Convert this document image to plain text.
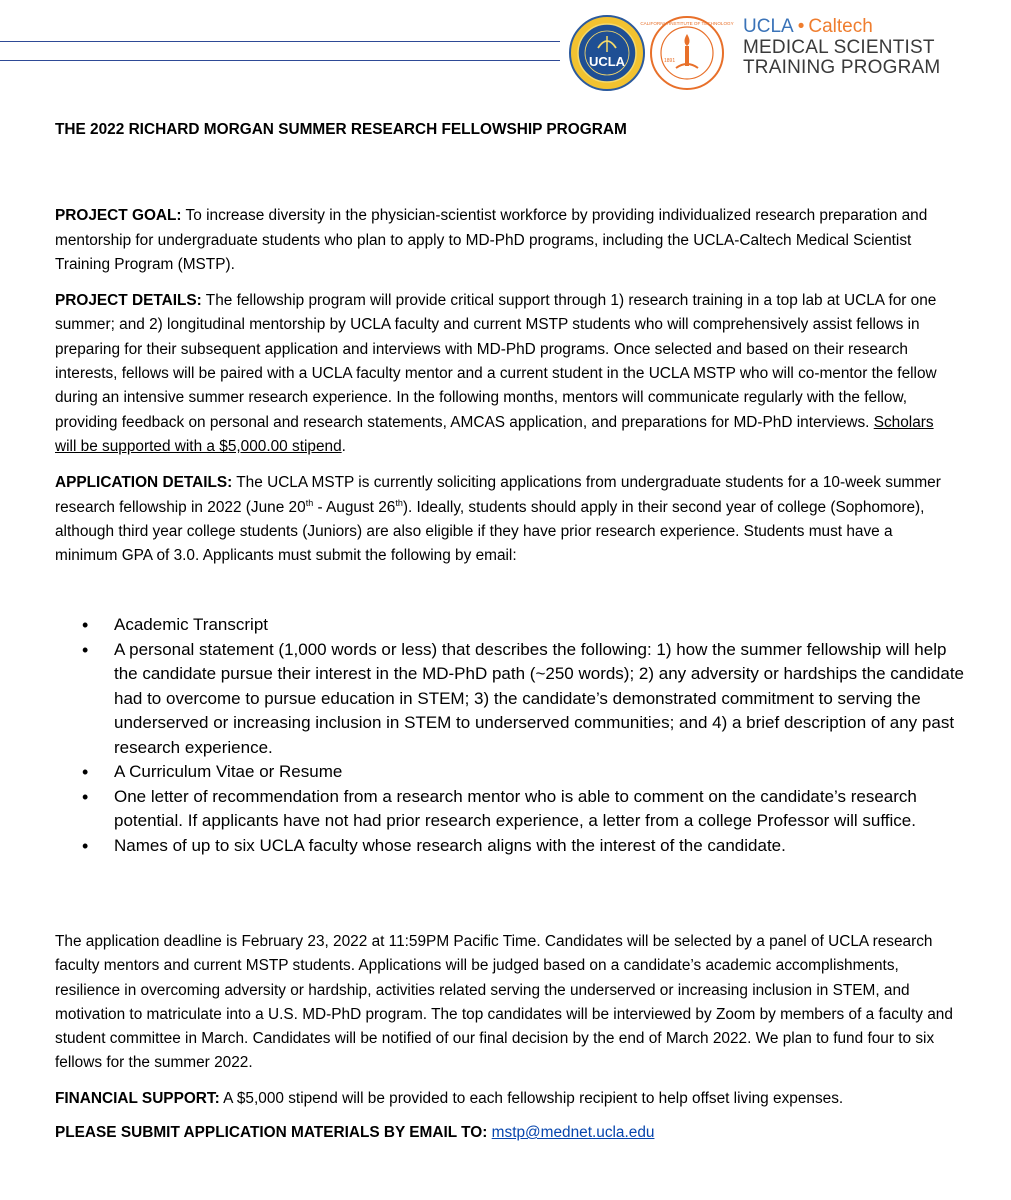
UCLA	1891
CALIFORNIA INSTITUTE OF TECHNOLOGY UCLA • Caltech
MEDICAL SCIENTIST
TRAINING PROGRAM

THE 2022 RICHARD MORGAN SUMMER RESEARCH FELLOWSHIP PROGRAM

PROJECT GOAL: To increase diversity in the physician-scientist workforce by providing individualized research preparation and mentorship for undergraduate students who plan to apply to MD-PhD programs, including the UCLA-Caltech Medical Scientist Training Program (MSTP).

PROJECT DETAILS: The fellowship program will provide critical support through 1) research training in a top lab at UCLA for one summer; and 2) longitudinal mentorship by UCLA faculty and current MSTP students who will comprehensively assist fellows in preparing for their subsequent application and interviews with MD-PhD programs. Once selected and based on their research interests, fellows will be paired with a UCLA faculty mentor and a current student in the UCLA MSTP who will co-mentor the fellow during an intensive summer research experience. In the following months, mentors will communicate regularly with the fellow, providing feedback on personal and research statements, AMCAS application, and preparations for MD-PhD interviews. Scholars will be supported with a $5,000.00 stipend.

APPLICATION DETAILS: The UCLA MSTP is currently soliciting applications from undergraduate students for a 10-week summer research fellowship in 2022 (June 20th - August 26th). Ideally, students should apply in their second year of college (Sophomore), although third year college students (Juniors) are also eligible if they have prior research experience. Students must have a minimum GPA of 3.0. Applicants must submit the following by email:

• Academic Transcript
• A personal statement (1,000 words or less) that describes the following: 1) how the summer fellowship will help the candidate pursue their interest in the MD-PhD path (~250 words); 2) any adversity or hardships the candidate had to overcome to pursue education in STEM; 3) the candidate’s demonstrated commitment to serving the underserved or increasing inclusion in STEM to underserved communities; and 4) a brief description of any past research experience.
• A Curriculum Vitae or Resume
• One letter of recommendation from a research mentor who is able to comment on the candidate’s research potential. If applicants have not had prior research experience, a letter from a college Professor will suffice.
• Names of up to six UCLA faculty whose research aligns with the interest of the candidate.

The application deadline is February 23, 2022 at 11:59PM Pacific Time. Candidates will be selected by a panel of UCLA research faculty mentors and current MSTP students. Applications will be judged based on a candidate’s academic accomplishments, resilience in overcoming adversity or hardship, activities related serving the underserved or increasing inclusion in STEM, and motivation to matriculate into a U.S. MD-PhD program. The top candidates will be interviewed by Zoom by members of a faculty and student committee in March. Candidates will be notified of our final decision by the end of March 2022. We plan to fund four to six fellows for the summer 2022.

FINANCIAL SUPPORT: A $5,000 stipend will be provided to each fellowship recipient to help offset living expenses.

PLEASE SUBMIT APPLICATION MATERIALS BY EMAIL TO: mstp@mednet.ucla.edu
